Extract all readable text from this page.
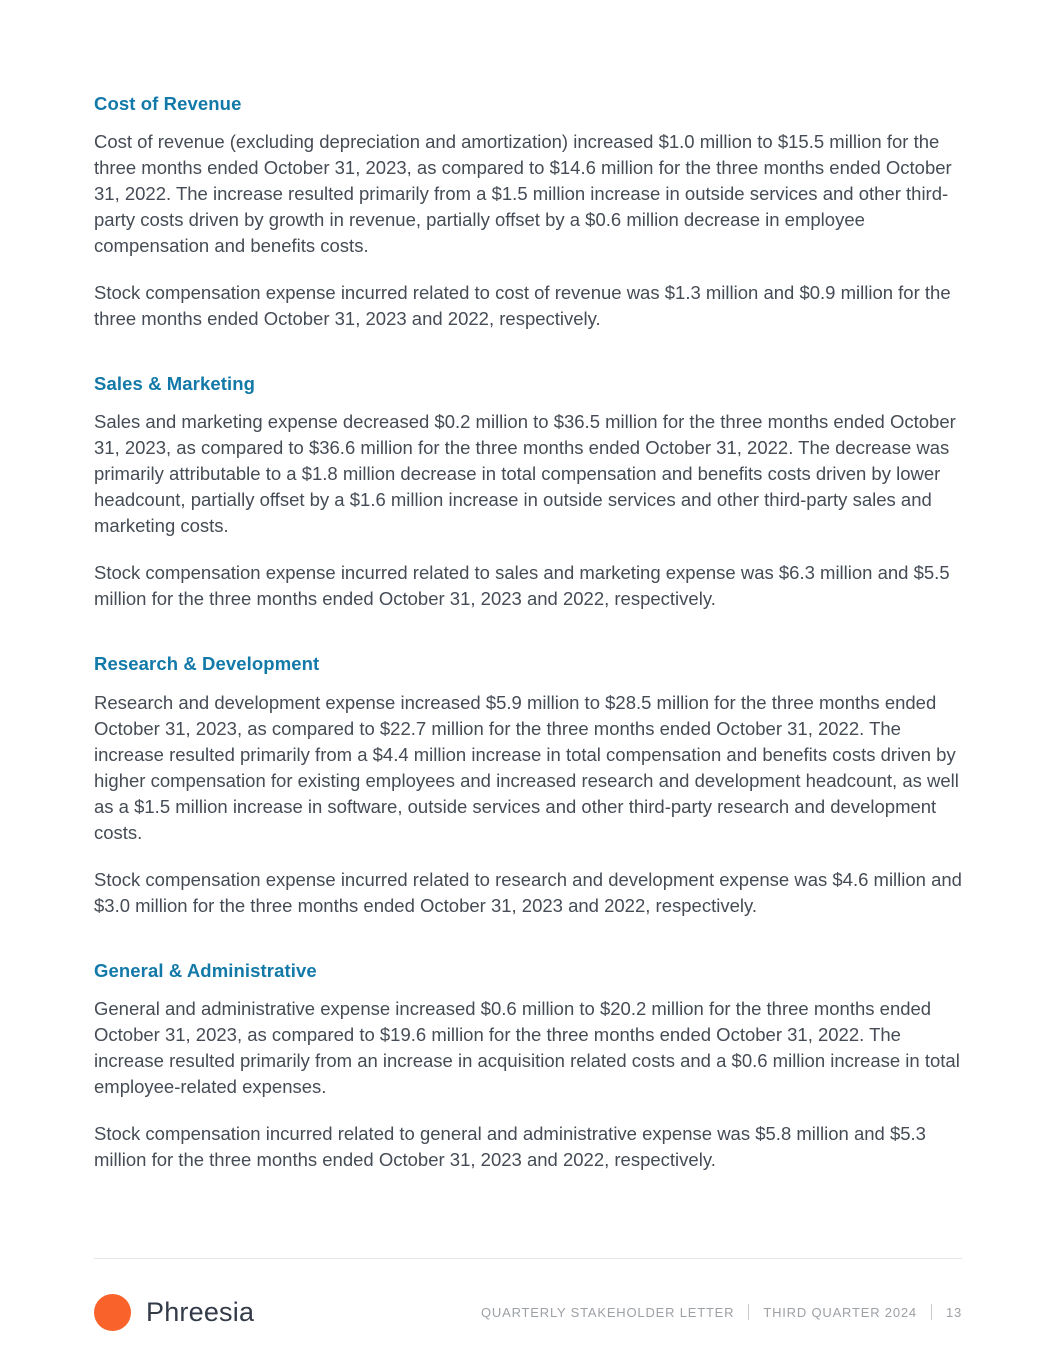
Cost of Revenue

Cost of revenue (excluding depreciation and amortization) increased $1.0 million to $15.5 million for the three months ended October 31, 2023, as compared to $14.6 million for the three months ended October 31, 2022. The increase resulted primarily from a $1.5 million increase in outside services and other third-party costs driven by growth in revenue, partially offset by a $0.6 million decrease in employee compensation and benefits costs.

Stock compensation expense incurred related to cost of revenue was $1.3 million and $0.9 million for the three months ended October 31, 2023 and 2022, respectively.

Sales & Marketing

Sales and marketing expense decreased $0.2 million to $36.5 million for the three months ended October 31, 2023, as compared to $36.6 million for the three months ended October 31, 2022. The decrease was primarily attributable to a $1.8 million decrease in total compensation and benefits costs driven by lower headcount, partially offset by a $1.6 million increase in outside services and other third-party sales and marketing costs.

Stock compensation expense incurred related to sales and marketing expense was $6.3 million and $5.5 million for the three months ended October 31, 2023 and 2022, respectively.

Research & Development

Research and development expense increased $5.9 million to $28.5 million for the three months ended October 31, 2023, as compared to $22.7 million for the three months ended October 31, 2022. The increase resulted primarily from a $4.4 million increase in total compensation and benefits costs driven by higher compensation for existing employees and increased research and development headcount, as well as a $1.5 million increase in software, outside services and other third-party research and development costs.

Stock compensation expense incurred related to research and development expense was $4.6 million and $3.0 million for the three months ended October 31, 2023 and 2022, respectively.

General & Administrative

General and administrative expense increased $0.6 million to $20.2 million for the three months ended October 31, 2023, as compared to $19.6 million for the three months ended October 31, 2022. The increase resulted primarily from an increase in acquisition related costs and a $0.6 million increase in total employee-related expenses.

Stock compensation incurred related to general and administrative expense was $5.8 million and $5.3 million for the three months ended October 31, 2023 and 2022, respectively.

Phreesia	QUARTERLY STAKEHOLDER LETTER THIRD QUARTER 2024 13
